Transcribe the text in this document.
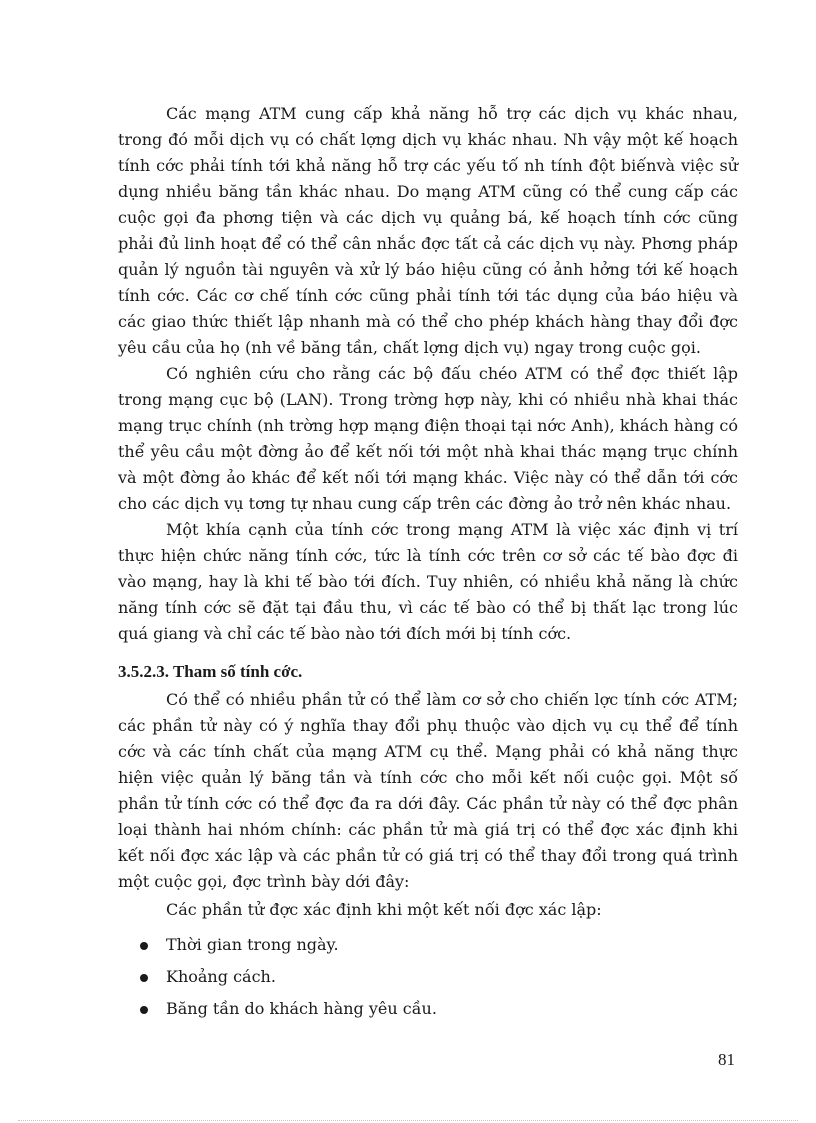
Các mạng ATM cung cấp khả năng hỗ trợ các dịch vụ khác nhau, trong đó mỗi dịch vụ có chất lợng dịch vụ khác nhau. Nh vậy một kế hoạch tính cớc phải tính tới khả năng hỗ trợ các yếu tố nh tính đột biếnvà việc sử dụng nhiều băng tần khác nhau. Do mạng ATM cũng có thể cung cấp các cuộc gọi đa phơng tiện và các dịch vụ quảng bá, kế hoạch tính cớc cũng phải đủ linh hoạt để có thể cân nhắc đợc tất cả các dịch vụ này. Phơng pháp quản lý nguồn tài nguyên và xử lý báo hiệu cũng có ảnh hởng tới kế hoạch tính cớc. Các cơ chế tính cớc cũng phải tính tới tác dụng của báo hiệu và các giao thức thiết lập nhanh mà có thể cho phép khách hàng thay đổi đợc yêu cầu của họ (nh về băng tần, chất lợng dịch vụ) ngay trong cuộc gọi.

Có nghiên cứu cho rằng các bộ đấu chéo ATM có thể đợc thiết lập trong mạng cục bộ (LAN). Trong trờng hợp này, khi có nhiều nhà khai thác mạng trục chính (nh trờng hợp mạng điện thoại tại nớc Anh), khách hàng có thể yêu cầu một đờng ảo để kết nối tới một nhà khai thác mạng trục chính và một đờng ảo khác để kết nối tới mạng khác. Việc này có thể dẫn tới cớc cho các dịch vụ tơng tự nhau cung cấp trên các đờng ảo trở nên khác nhau.

Một khía cạnh của tính cớc trong mạng ATM là việc xác định vị trí thực hiện chức năng tính cớc, tức là tính cớc trên cơ sở các tế bào đợc đi vào mạng, hay là khi tế bào tới đích. Tuy nhiên, có nhiều khả năng là chức năng tính cớc sẽ đặt tại đầu thu, vì các tế bào có thể bị thất lạc trong lúc quá giang và chỉ các tế bào nào tới đích mới bị tính cớc.

3.5.2.3. Tham số tính cớc.

Có thể có nhiều phần tử có thể làm cơ sở cho chiến lợc tính cớc ATM; các phần tử này có ý nghĩa thay đổi phụ thuộc vào dịch vụ cụ thể để tính cớc và các tính chất của mạng ATM cụ thể. Mạng phải có khả năng thực hiện việc quản lý băng tần và tính cớc cho mỗi kết nối cuộc gọi. Một số phần tử tính cớc có thể đợc đa ra dới đây. Các phần tử này có thể đợc phân loại thành hai nhóm chính: các phần tử mà giá trị có thể đợc xác định khi kết nối đợc xác lập và các phần tử có giá trị có thể thay đổi trong quá trình một cuộc gọi, đợc trình bày dới đây:

Các phần tử đợc xác định khi một kết nối đợc xác lập:

Thời gian trong ngày.
Khoảng cách.
Băng tần do khách hàng yêu cầu.
81
